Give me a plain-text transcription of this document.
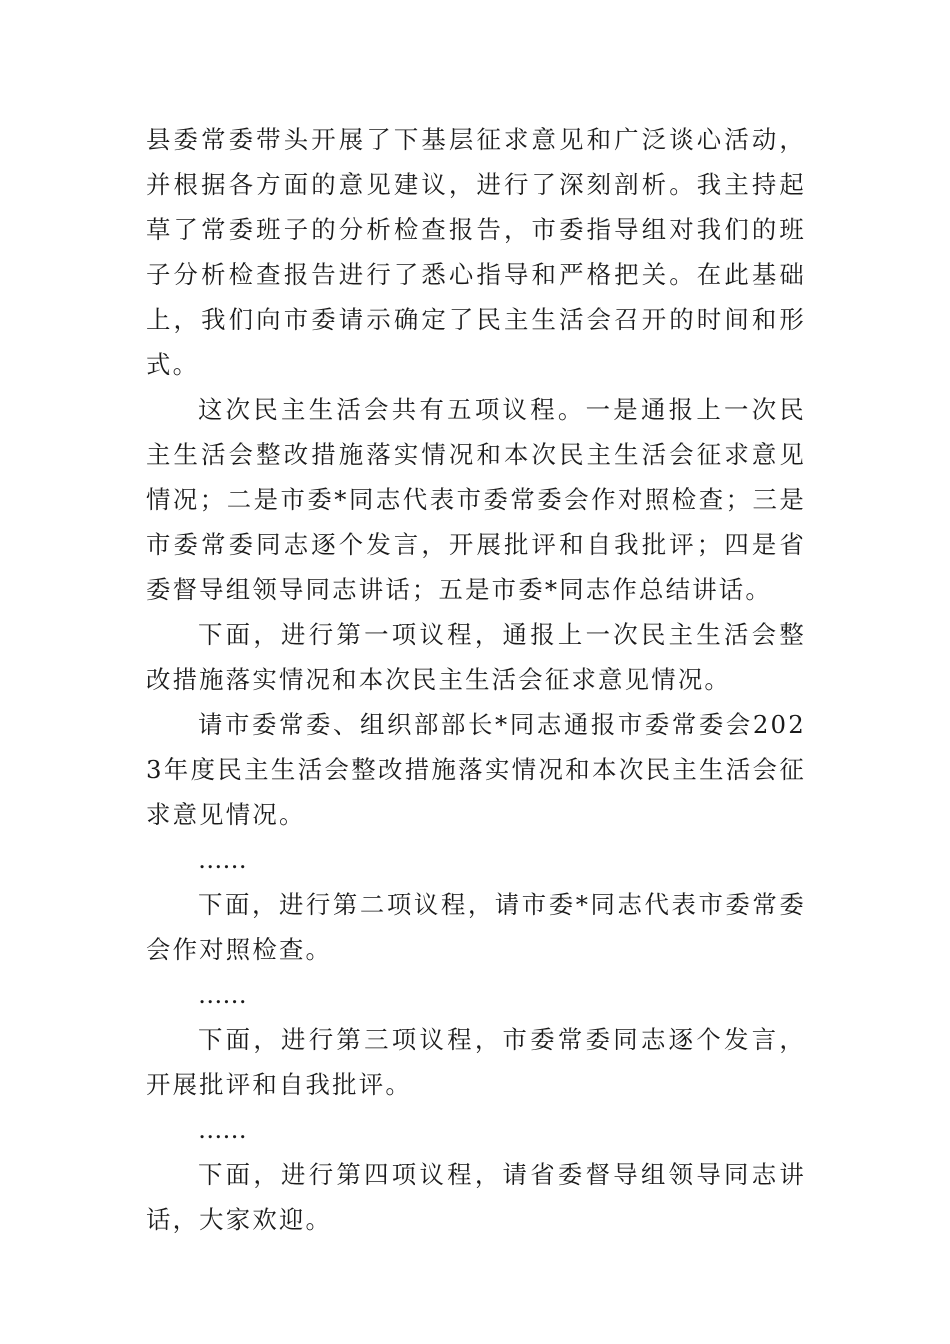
县委常委带头开展了下基层征求意见和广泛谈心活动，并根据各方面的意见建议，进行了深刻剖析。我主持起草了常委班子的分析检查报告，市委指导组对我们的班子分析检查报告进行了悉心指导和严格把关。在此基础上，我们向市委请示确定了民主生活会召开的时间和形式。

这次民主生活会共有五项议程。一是通报上一次民主生活会整改措施落实情况和本次民主生活会征求意见情况；二是市委*同志代表市委常委会作对照检查；三是市委常委同志逐个发言，开展批评和自我批评；四是省委督导组领导同志讲话；五是市委*同志作总结讲话。

下面，进行第一项议程，通报上一次民主生活会整改措施落实情况和本次民主生活会征求意见情况。

请市委常委、组织部部长*同志通报市委常委会2023年度民主生活会整改措施落实情况和本次民主生活会征求意见情况。

……

下面，进行第二项议程，请市委*同志代表市委常委会作对照检查。

……

下面，进行第三项议程，市委常委同志逐个发言，开展批评和自我批评。

……

下面，进行第四项议程，请省委督导组领导同志讲话，大家欢迎。
